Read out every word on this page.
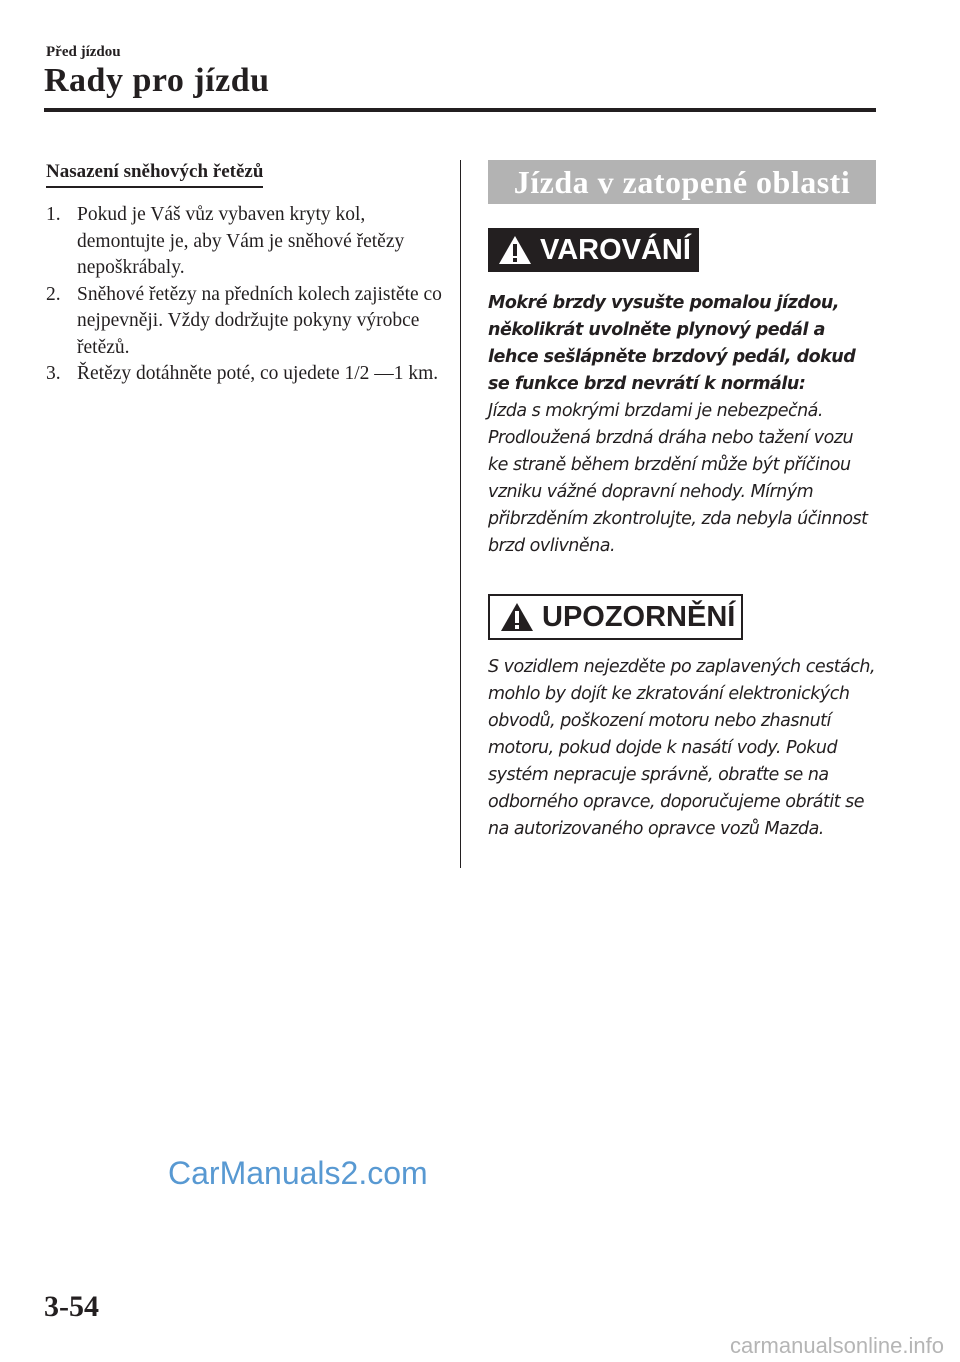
Před jízdou
Rady pro jízdu
Nasazení sněhových řetězů
1. Pokud je Váš vůz vybaven kryty kol, demontujte je, aby Vám je sněhové řetězy nepoškrábaly.
2. Sněhové řetězy na předních kolech zajistěte co nejpevněji. Vždy dodržujte pokyny výrobce řetězů.
3. Řetězy dotáhněte poté, co ujedete 1/2 —1 km.
Jízda v zatopené oblasti
VAROVÁNÍ
Mokré brzdy vysušte pomalou jízdou, několikrát uvolněte plynový pedál a lehce sešlápněte brzdový pedál, dokud se funkce brzd nevrátí k normálu:
Jízda s mokrými brzdami je nebezpečná. Prodloužená brzdná dráha nebo tažení vozu ke straně během brzdění může být příčinou vzniku vážné dopravní nehody. Mírným přibrzděním zkontrolujte, zda nebyla účinnost brzd ovlivněna.
UPOZORNĚNÍ
S vozidlem nejezděte po zaplavených cestách, mohlo by dojít ke zkratování elektronických obvodů, poškození motoru nebo zhasnutí motoru, pokud dojde k nasátí vody. Pokud systém nepracuje správně, obraťte se na odborného opravce, doporučujeme obrátit se na autorizovaného opravce vozů Mazda.
CarManuals2.com
3-54
carmanualsonline.info
